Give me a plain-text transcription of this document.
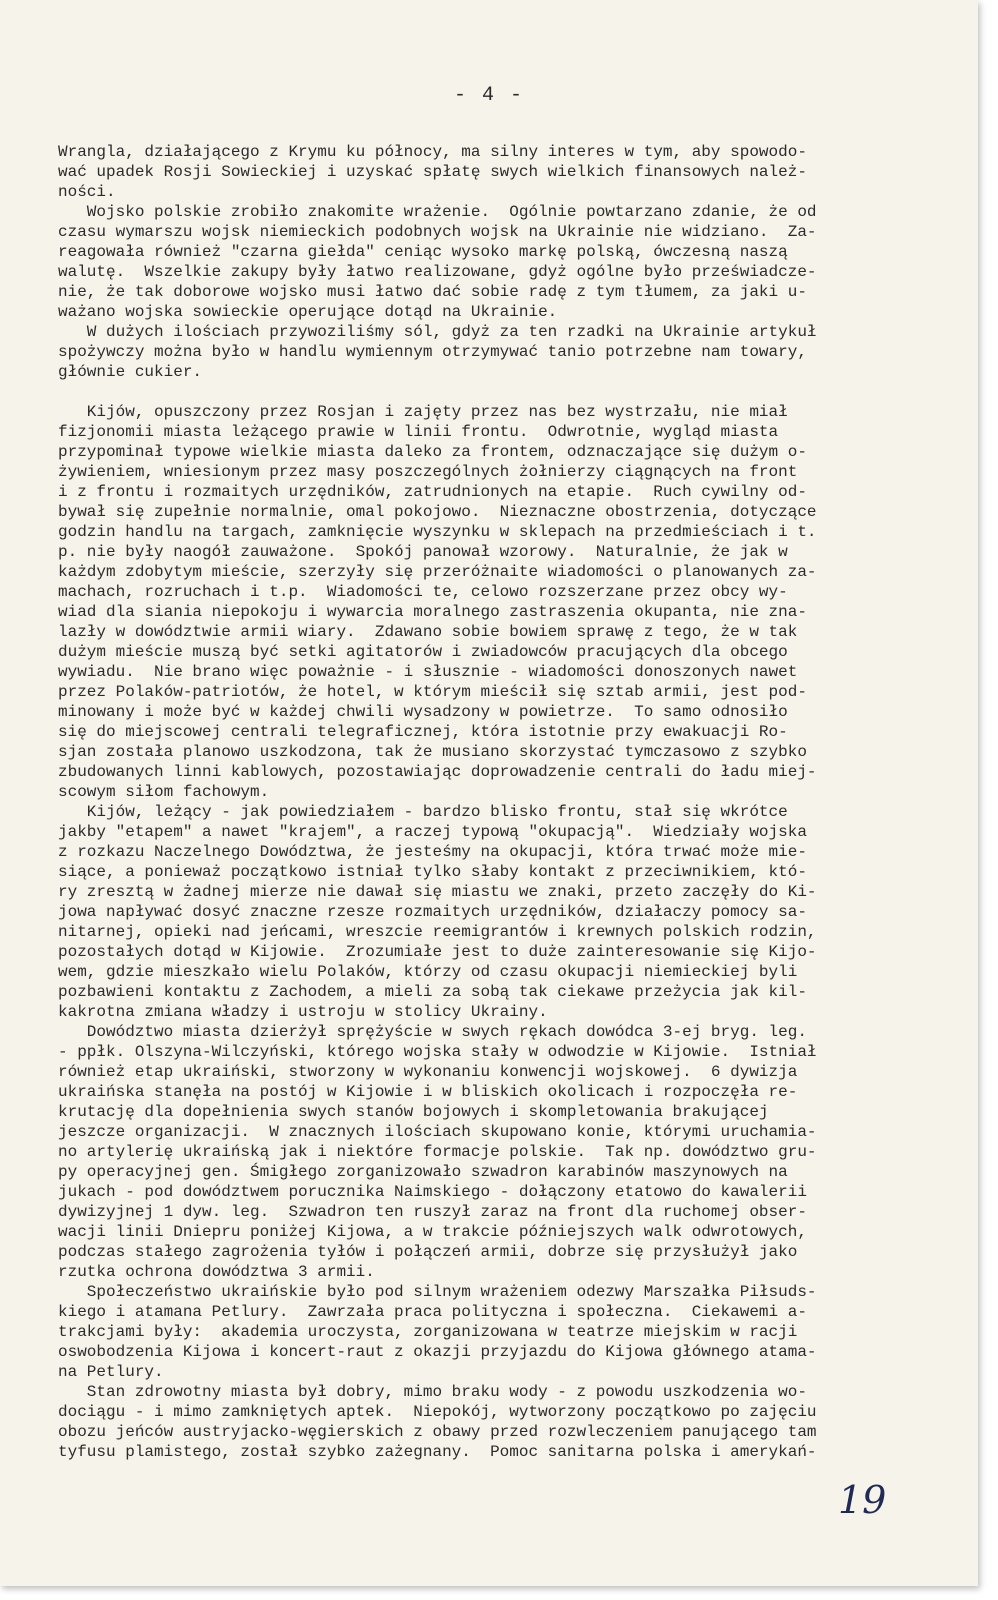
- 4 -

Wrangla, działającego z Krymu ku północy, ma silny interes w tym, aby spowodo-
wać upadek Rosji Sowieckiej i uzyskać spłatę swych wielkich finansowych należ-
ności.

Wojsko polskie zrobiło znakomite wrażenie.  Ogólnie powtarzano zdanie, że od
czasu wymarszu wojsk niemieckich podobnych wojsk na Ukrainie nie widziano.  Za-
reagowała również "czarna giełda" ceniąc wysoko markę polską, ówczesną naszą
walutę.  Wszelkie zakupy były łatwo realizowane, gdyż ogólne było przeświadcze-
nie, że tak doborowe wojsko musi łatwo dać sobie radę z tym tłumem, za jaki u-
ważano wojska sowieckie operujące dotąd na Ukrainie.

W dużych ilościach przywoziliśmy sól, gdyż za ten rzadki na Ukrainie artykuł
spożywczy można było w handlu wymiennym otrzymywać tanio potrzebne nam towary,
głównie cukier.

Kijów, opuszczony przez Rosjan i zajęty przez nas bez wystrzału, nie miał
fizjonomii miasta leżącego prawie w linii frontu.  Odwrotnie, wygląd miasta
przypominał typowe wielkie miasta daleko za frontem, odznaczające się dużym o-
żywieniem, wniesionym przez masy poszczególnych żołnierzy ciągnących na front
i z frontu i rozmaitych urzędników, zatrudnionych na etapie.  Ruch cywilny od-
bywał się zupełnie normalnie, omal pokojowo.  Nieznaczne obostrzenia, dotyczące
godzin handlu na targach, zamknięcie wyszynku w sklepach na przedmieściach i t.
p. nie były naogół zauważone.  Spokój panował wzorowy.  Naturalnie, że jak w
każdym zdobytym mieście, szerzyły się przeróżnaite wiadomości o planowanych za-
machach, rozruchach i t.p.  Wiadomości te, celowo rozszerzane przez obcy wy-
wiad dla siania niepokoju i wywarcia moralnego zastraszenia okupanta, nie zna-
lazły w dowództwie armii wiary.  Zdawano sobie bowiem sprawę z tego, że w tak
dużym mieście muszą być setki agitatorów i zwiadowców pracujących dla obcego
wywiadu.  Nie brano więc poważnie - i słusznie - wiadomości donoszonych nawet
przez Polaków-patriotów, że hotel, w którym mieścił się sztab armii, jest pod-
minowany i może być w każdej chwili wysadzony w powietrze.  To samo odnosiło
się do miejscowej centrali telegraficznej, która istotnie przy ewakuacji Ro-
sjan została planowo uszkodzona, tak że musiano skorzystać tymczasowo z szybko
zbudowanych linni kablowych, pozostawiając doprowadzenie centrali do ładu miej-
scowym siłom fachowym.

Kijów, leżący - jak powiedziałem - bardzo blisko frontu, stał się wkrótce
jakby "etapem" a nawet "krajem", a raczej typową "okupacją".  Wiedziały wojska
z rozkazu Naczelnego Dowództwa, że jesteśmy na okupacji, która trwać może mie-
siące, a ponieważ początkowo istniał tylko słaby kontakt z przeciwnikiem, któ-
ry zresztą w żadnej mierze nie dawał się miastu we znaki, przeto zaczęły do Ki-
jowa napływać dosyć znaczne rzesze rozmaitych urzędników, działaczy pomocy sa-
nitarnej, opieki nad jeńcami, wreszcie reemigrantów i krewnych polskich rodzin,
pozostałych dotąd w Kijowie.  Zrozumiałe jest to duże zainteresowanie się Kijo-
wem, gdzie mieszkało wielu Polaków, którzy od czasu okupacji niemieckiej byli
pozbawieni kontaktu z Zachodem, a mieli za sobą tak ciekawe przeżycia jak kil-
kakrotna zmiana władzy i ustroju w stolicy Ukrainy.

Dowództwo miasta dzierżył sprężyście w swych rękach dowódca 3-ej bryg. leg.
- ppłk. Olszyna-Wilczyński, którego wojska stały w odwodzie w Kijowie.  Istniał
również etap ukraiński, stworzony w wykonaniu konwencji wojskowej.  6 dywizja
ukraińska stanęła na postój w Kijowie i w bliskich okolicach i rozpoczęła re-
krutację dla dopełnienia swych stanów bojowych i skompletowania brakującej
jeszcze organizacji.  W znacznych ilościach skupowano konie, którymi uruchamia-
no artylerię ukraińską jak i niektóre formacje polskie.  Tak np. dowództwo gru-
py operacyjnej gen. Śmigłego zorganizowało szwadron karabinów maszynowych na
jukach - pod dowództwem porucznika Naimskiego - dołączony etatowo do kawalerii
dywizyjnej 1 dyw. leg.  Szwadron ten ruszył zaraz na front dla ruchomej obser-
wacji linii Dniepru poniżej Kijowa, a w trakcie późniejszych walk odwrotowych,
podczas stałego zagrożenia tyłów i połączeń armii, dobrze się przysłużył jako
rzutka ochrona dowództwa 3 armii.

Społeczeństwo ukraińskie było pod silnym wrażeniem odezwy Marszałka Piłsuds-
kiego i atamana Petlury.  Zawrzała praca polityczna i społeczna.  Ciekawemi a-
trakcjami były:  akademia uroczysta, zorganizowana w teatrze miejskim w racji
oswobodzenia Kijowa i koncert-raut z okazji przyjazdu do Kijowa głównego atama-
na Petlury.

Stan zdrowotny miasta był dobry, mimo braku wody - z powodu uszkodzenia wo-
dociągu - i mimo zamkniętych aptek.  Niepokój, wytworzony początkowo po zajęciu
obozu jeńców austryjacko-węgierskich z obawy przed rozwleczeniem panującego tam
tyfusu plamistego, został szybko zażegnany.  Pomoc sanitarna polska i amerykań-

19
